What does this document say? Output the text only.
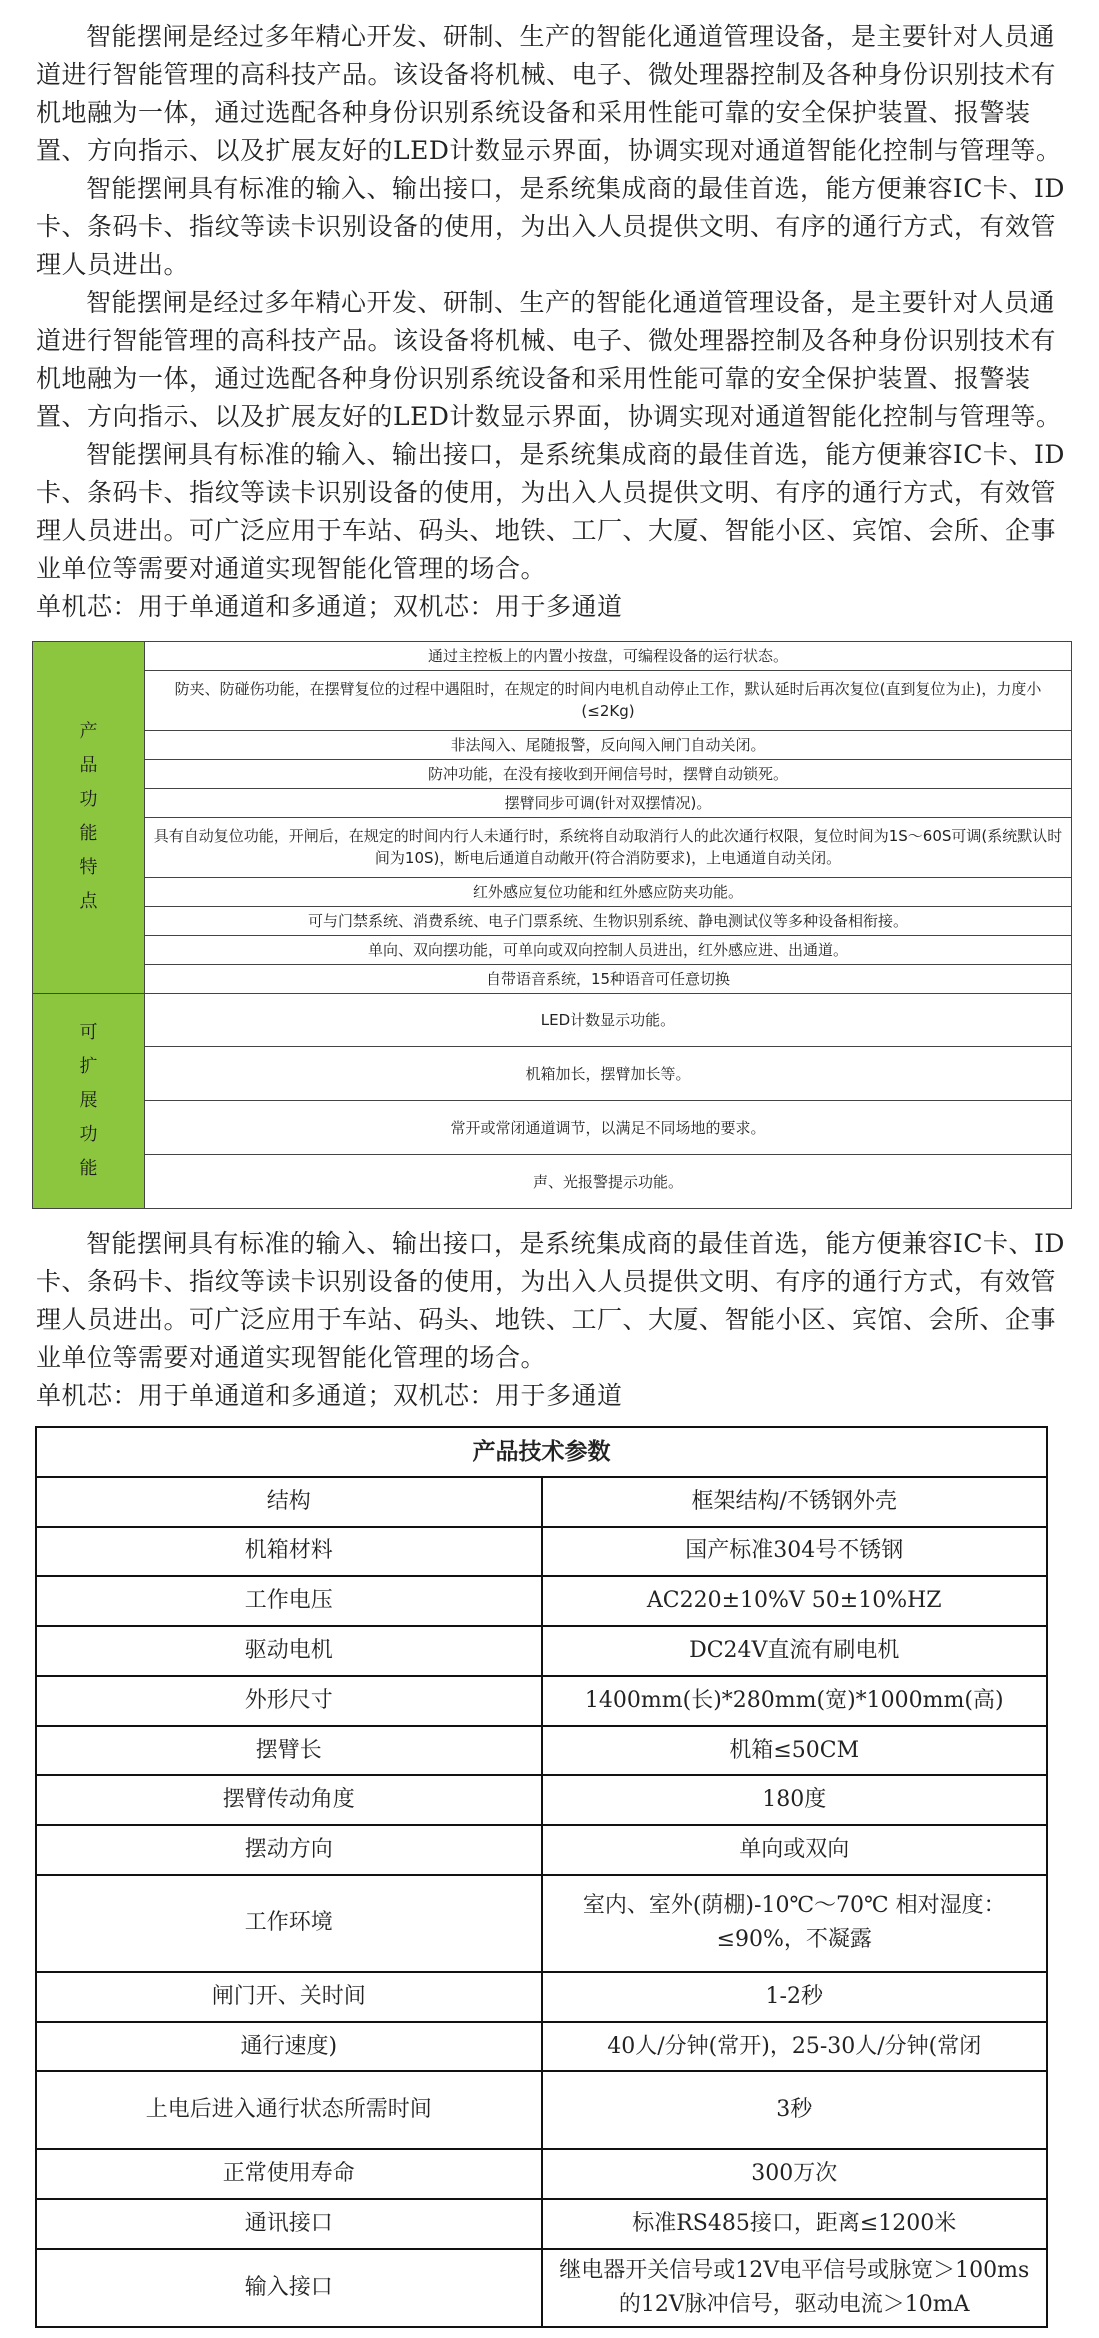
智能摆闸是经过多年精心开发、研制、生产的智能化通道管理设备，是主要针对人员通道进行智能管理的高科技产品。该设备将机械、电子、微处理器控制及各种身份识别技术有机地融为一体，通过选配各种身份识别系统设备和采用性能可靠的安全保护装置、报警装置、方向指示、以及扩展友好的LED计数显示界面，协调实现对通道智能化控制与管理等。

智能摆闸具有标准的输入、输出接口，是系统集成商的最佳首选，能方便兼容IC卡、ID卡、条码卡、指纹等读卡识别设备的使用，为出入人员提供文明、有序的通行方式，有效管理人员进出。

智能摆闸是经过多年精心开发、研制、生产的智能化通道管理设备，是主要针对人员通道进行智能管理的高科技产品。该设备将机械、电子、微处理器控制及各种身份识别技术有机地融为一体，通过选配各种身份识别系统设备和采用性能可靠的安全保护装置、报警装置、方向指示、以及扩展友好的LED计数显示界面，协调实现对通道智能化控制与管理等。

智能摆闸具有标准的输入、输出接口，是系统集成商的最佳首选，能方便兼容IC卡、ID卡、条码卡、指纹等读卡识别设备的使用，为出入人员提供文明、有序的通行方式，有效管理人员进出。可广泛应用于车站、码头、地铁、工厂、大厦、智能小区、宾馆、会所、企事业单位等需要对通道实现智能化管理的场合。

单机芯：用于单通道和多通道；双机芯：用于多通道

产品功能特点	通过主控板上的内置小按盘，可编程设备的运行状态。
	防夹、防碰伤功能，在摆臂复位的过程中遇阻时，在规定的时间内电机自动停止工作，默认延时后再次复位(直到复位为止)，力度小(≤2Kg)
	非法闯入、尾随报警，反向闯入闸门自动关闭。
	防冲功能，在没有接收到开闸信号时，摆臂自动锁死。
	摆臂同步可调(针对双摆情况)。
	具有自动复位功能，开闸后，在规定的时间内行人未通行时，系统将自动取消行人的此次通行权限，复位时间为1S～60S可调(系统默认时间为10S)，断电后通道自动敞开(符合消防要求)，上电通道自动关闭。
	红外感应复位功能和红外感应防夹功能。
	可与门禁系统、消费系统、电子门票系统、生物识别系统、静电测试仪等多种设备相衔接。
	单向、双向摆功能，可单向或双向控制人员进出，红外感应进、出通道。
	自带语音系统，15种语音可任意切换

可扩展功能	LED计数显示功能。
	机箱加长，摆臂加长等。
	常开或常闭通道调节，以满足不同场地的要求。
	声、光报警提示功能。

智能摆闸具有标准的输入、输出接口，是系统集成商的最佳首选，能方便兼容IC卡、ID卡、条码卡、指纹等读卡识别设备的使用，为出入人员提供文明、有序的通行方式，有效管理人员进出。可广泛应用于车站、码头、地铁、工厂、大厦、智能小区、宾馆、会所、企事业单位等需要对通道实现智能化管理的场合。

单机芯：用于单通道和多通道；双机芯：用于多通道

产品技术参数	
结构	框架结构/不锈钢外壳
机箱材料	国产标准304号不锈钢
工作电压	AC220±10%V 50±10%HZ
驱动电机	DC24V直流有刷电机
外形尺寸	1400mm(长)*280mm(宽)*1000mm(高)
摆臂长	机箱≤50CM
摆臂传动角度	180度
摆动方向	单向或双向
工作环境	室内、室外(荫棚)-10℃～70℃ 相对湿度：≤90%，不凝露
闸门开、关时间	1-2秒
通行速度)	40人/分钟(常开)，25-30人/分钟(常闭
上电后进入通行状态所需时间	3秒
正常使用寿命	300万次
通讯接口	标准RS485接口，距离≤1200米
输入接口	继电器开关信号或12V电平信号或脉宽＞100ms的12V脉冲信号，驱动电流＞10mA
